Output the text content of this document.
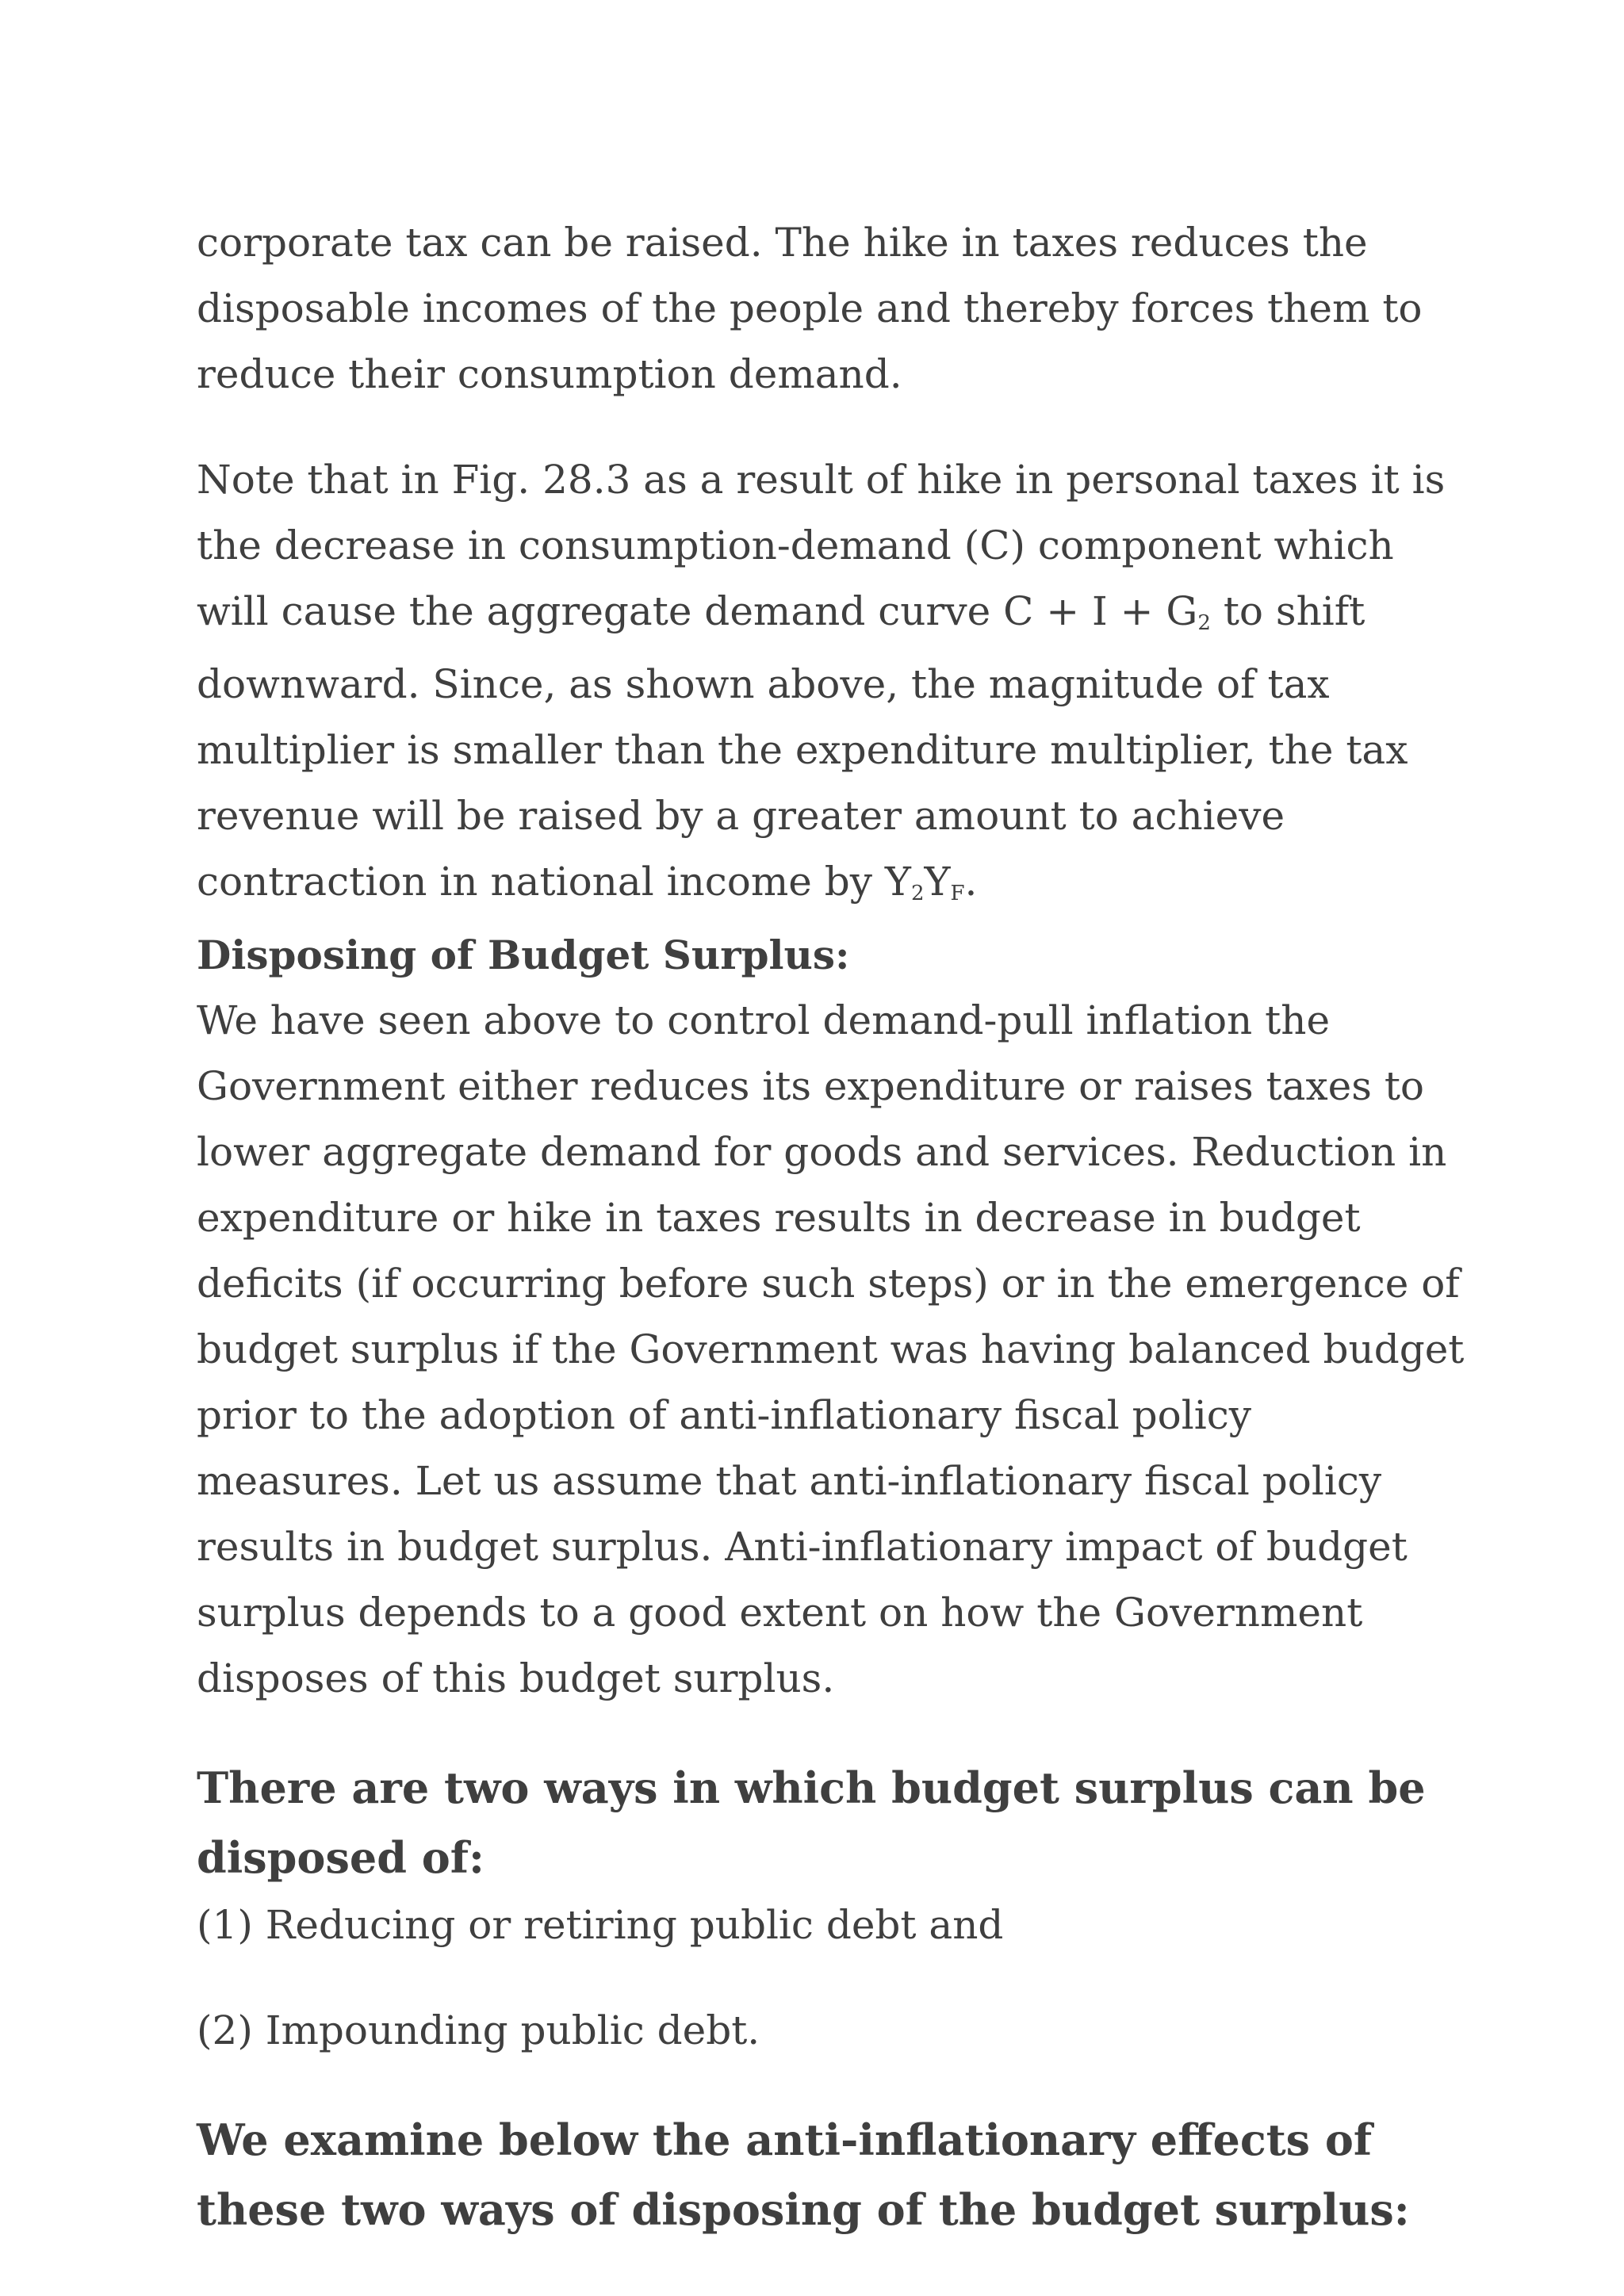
corporate tax can be raised. The hike in taxes reduces the disposable incomes of the people and thereby forces them to reduce their consumption demand.

Note that in Fig. 28.3 as a result of hike in personal taxes it is the decrease in consumption-demand (C) component which will cause the aggregate demand curve $C + I + G_2$ to shift downward. Since, as shown above, the magnitude of tax multiplier is smaller than the expenditure multiplier, the tax revenue will be raised by a greater amount to achieve contraction in national income by $Y_2Y_F$.

Disposing of Budget Surplus:

We have seen above to control demand-pull inflation the Government either reduces its expenditure or raises taxes to lower aggregate demand for goods and services. Reduction in expenditure or hike in taxes results in decrease in budget deficits (if occurring before such steps) or in the emergence of budget surplus if the Government was having balanced budget prior to the adoption of anti-inflationary fiscal policy measures. Let us assume that anti-inflationary fiscal policy results in budget surplus. Anti-inflationary impact of budget surplus depends to a good extent on how the Government disposes of this budget surplus.

There are two ways in which budget surplus can be disposed of:

(1) Reducing or retiring public debt and

(2) Impounding public debt.

We examine below the anti-inflationary effects of these two ways of disposing of the budget surplus:
